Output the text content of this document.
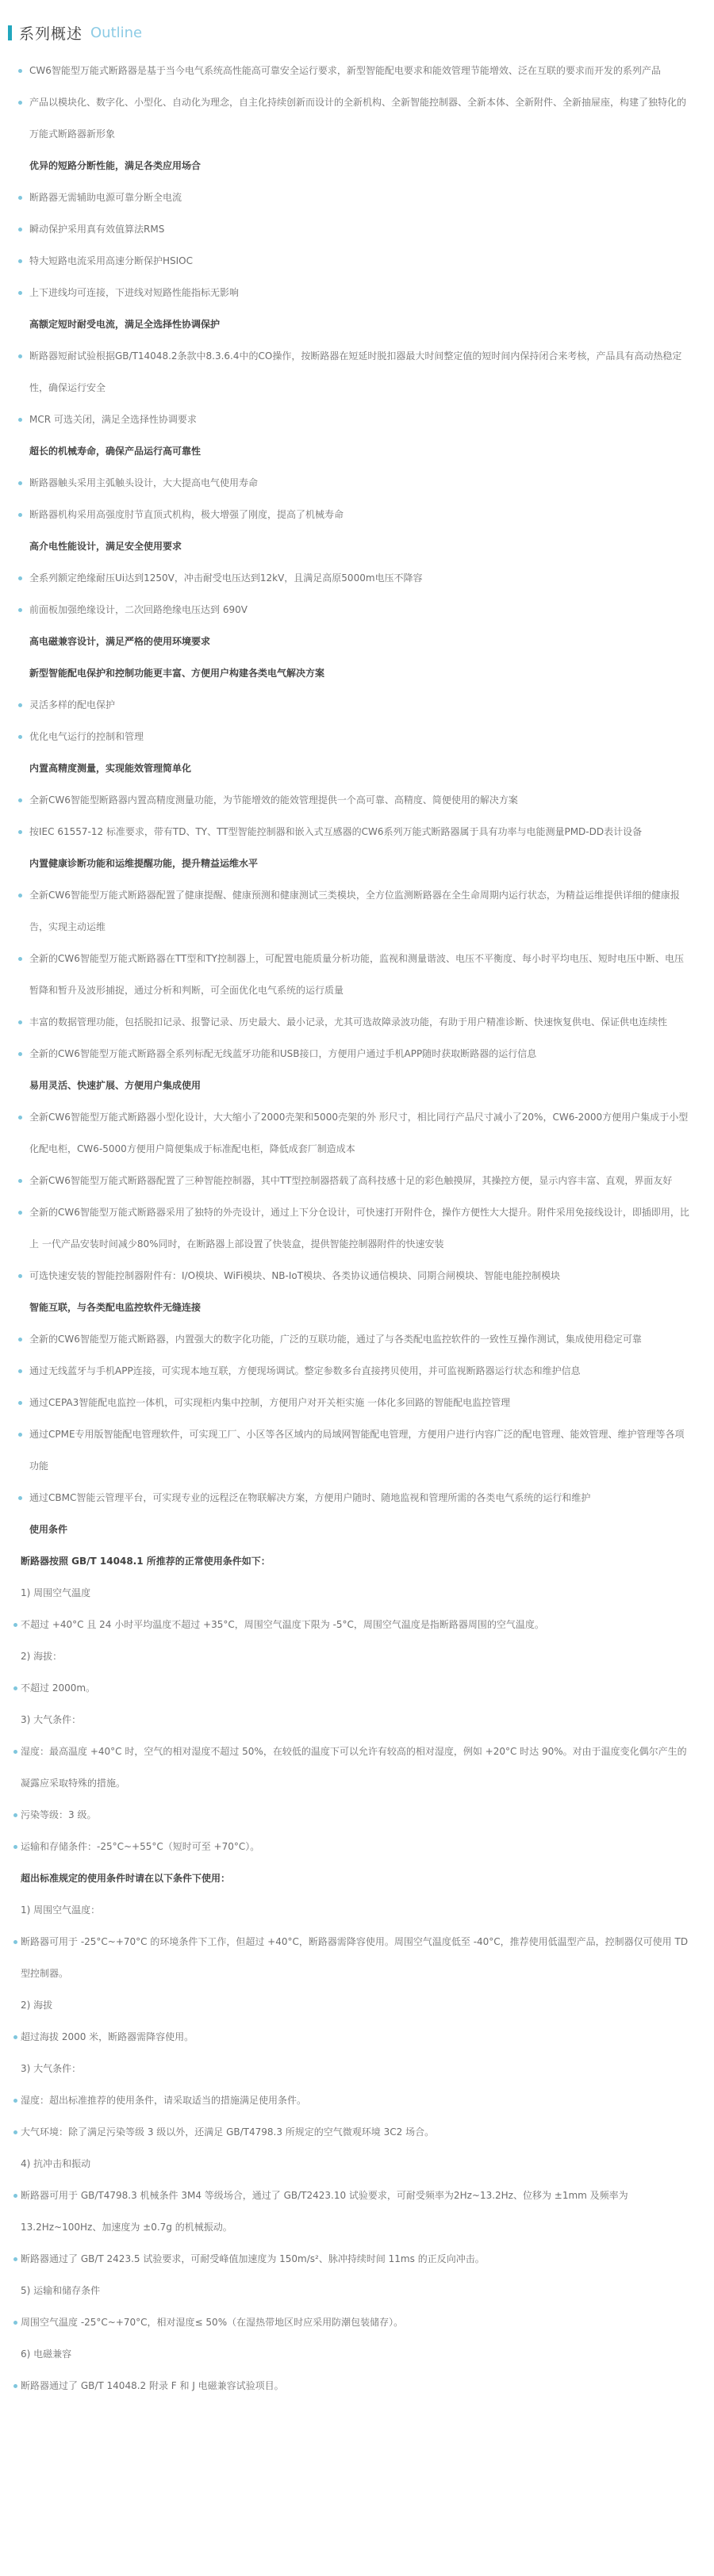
系列概述 Outline

CW6智能型万能式断路器是基于当今电气系统高性能高可靠安全运行要求，新型智能配电要求和能效管理节能增效、泛在互联的要求而开发的系列产品

产品以模块化、数字化、小型化、自动化为理念，自主化持续创新而设计的全新机构、全新智能控制器、全新本体、全新附件、全新抽屉座，构建了独特化的万能式断路器新形象

优异的短路分断性能，满足各类应用场合

断路器无需辅助电源可靠分断全电流

瞬动保护采用真有效值算法RMS

特大短路电流采用高速分断保护HSIOC

上下进线均可连接，下进线对短路性能指标无影响

高额定短时耐受电流，满足全选择性协调保护

断路器短耐试验根据GB/T14048.2条款中8.3.6.4中的CO操作，按断路器在短延时脱扣器最大时间整定值的短时间内保持闭合来考核，产品具有高动热稳定性，确保运行安全

MCR 可选关闭，满足全选择性协调要求

超长的机械寿命，确保产品运行高可靠性

断路器触头采用主弧触头设计，大大提高电气使用寿命

断路器机构采用高强度肘节直顶式机构，极大增强了刚度，提高了机械寿命

高介电性能设计，满足安全使用要求

全系列额定绝缘耐压Ui达到1250V，冲击耐受电压达到12kV，且满足高原5000m电压不降容

前面板加强绝缘设计，二次回路绝缘电压达到 690V

高电磁兼容设计，满足严格的使用环境要求

新型智能配电保护和控制功能更丰富、方便用户构建各类电气解决方案

灵活多样的配电保护

优化电气运行的控制和管理

内置高精度测量，实现能效管理简单化

全新CW6智能型断路器内置高精度测量功能，为节能增效的能效管理提供一个高可靠、高精度、简便使用的解决方案

按IEC 61557-12 标准要求，带有TD、TY、TT型智能控制器和嵌入式互感器的CW6系列万能式断路器属于具有功率与电能测量PMD-DD表计设备

内置健康诊断功能和运维提醒功能，提升精益运维水平

全新CW6智能型万能式断路器配置了健康提醒、健康预测和健康测试三类模块，全方位监测断路器在全生命周期内运行状态，为精益运维提供详细的健康报告，实现主动运维

全新的CW6智能型万能式断路器在TT型和TY控制器上，可配置电能质量分析功能，监视和测量谐波、电压不平衡度、每小时平均电压、短时电压中断、电压暂降和暂升及波形捕捉，通过分析和判断，可全面优化电气系统的运行质量

丰富的数据管理功能，包括脱扣记录、报警记录、历史最大、最小记录，尤其可选故障录波功能，有助于用户精准诊断、快速恢复供电、保证供电连续性

全新的CW6智能型万能式断路器全系列标配无线蓝牙功能和USB接口，方便用户通过手机APP随时获取断路器的运行信息

易用灵活、快速扩展、方便用户集成使用

全新CW6智能型万能式断路器小型化设计，大大缩小了2000壳架和5000壳架的外 形尺寸，相比同行产品尺寸减小了20%，CW6-2000方便用户集成于小型化配电柜，CW6-5000方便用户简便集成于标准配电柜，降低成套厂制造成本

全新CW6智能型万能式断路器配置了三种智能控制器，其中TT型控制器搭载了高科技感十足的彩色触摸屏，其操控方便，显示内容丰富、直观，界面友好

全新的CW6智能型万能式断路器采用了独特的外壳设计，通过上下分仓设计，可快速打开附件仓，操作方便性大大提升。附件采用免接线设计，即插即用，比上 一代产品安装时间减少80%同时，在断路器上部设置了快装盒，提供智能控制器附件的快速安装

可选快速安装的智能控制器附件有：I/O模块、WiFi模块、NB-IoT模块、各类协议通信模块、同期合闸模块、智能电能控制模块

智能互联，与各类配电监控软件无缝连接

全新的CW6智能型万能式断路器，内置强大的数字化功能，广泛的互联功能，通过了与各类配电监控软件的一致性互操作测试，集成使用稳定可靠

通过无线蓝牙与手机APP连接，可实现本地互联，方便现场调试。整定参数多台直接拷贝使用，并可监视断路器运行状态和维护信息

通过CEPA3智能配电监控一体机，可实现柜内集中控制，方便用户对开关柜实施 一体化多回路的智能配电监控管理

通过CPME专用版智能配电管理软件，可实现工厂、小区等各区域内的局域网智能配电管理，方便用户进行内容广泛的配电管理、能效管理、维护管理等各项功能

通过CBMC智能云管理平台，可实现专业的远程泛在物联解决方案，方便用户随时、随地监视和管理所需的各类电气系统的运行和维护

使用条件

断路器按照 GB/T 14048.1 所推荐的正常使用条件如下：

1) 周围空气温度

不超过 +40°C 且 24 小时平均温度不超过 +35°C，周围空气温度下限为 -5°C，周围空气温度是指断路器周围的空气温度。

2) 海拔：

不超过 2000m。

3) 大气条件：

湿度：最高温度 +40°C 时，空气的相对湿度不超过 50%，在较低的温度下可以允许有较高的相对湿度，例如 +20°C 时达 90%。对由于温度变化偶尔产生的凝露应采取特殊的措施。

污染等级：3 级。

运输和存储条件：-25°C~+55°C（短时可至 +70°C）。

超出标准规定的使用条件时请在以下条件下使用：

1) 周围空气温度：

断路器可用于 -25°C~+70°C 的环境条件下工作，但超过 +40°C，断路器需降容使用。周围空气温度低至 -40°C，推荐使用低温型产品，控制器仅可使用 TD 型控制器。

2) 海拔

超过海拔 2000 米，断路器需降容使用。

3) 大气条件：

湿度：超出标准推荐的使用条件，请采取适当的措施满足使用条件。

大气环境：除了满足污染等级 3 级以外，还满足 GB/T4798.3 所规定的空气微观环境 3C2 场合。

4) 抗冲击和振动

断路器可用于 GB/T4798.3 机械条件 3M4 等级场合，通过了 GB/T2423.10 试验要求，可耐受频率为2Hz~13.2Hz、位移为 ±1mm 及频率为 13.2Hz~100Hz、加速度为 ±0.7g 的机械振动。

断路器通过了 GB/T 2423.5 试验要求，可耐受峰值加速度为 150m/s²、脉冲持续时间 11ms 的正反向冲击。

5) 运输和储存条件

周围空气温度 -25°C~+70°C，相对湿度≤ 50%（在湿热带地区时应采用防潮包装储存）。

6) 电磁兼容

断路器通过了 GB/T 14048.2 附录 F 和 J 电磁兼容试验项目。
